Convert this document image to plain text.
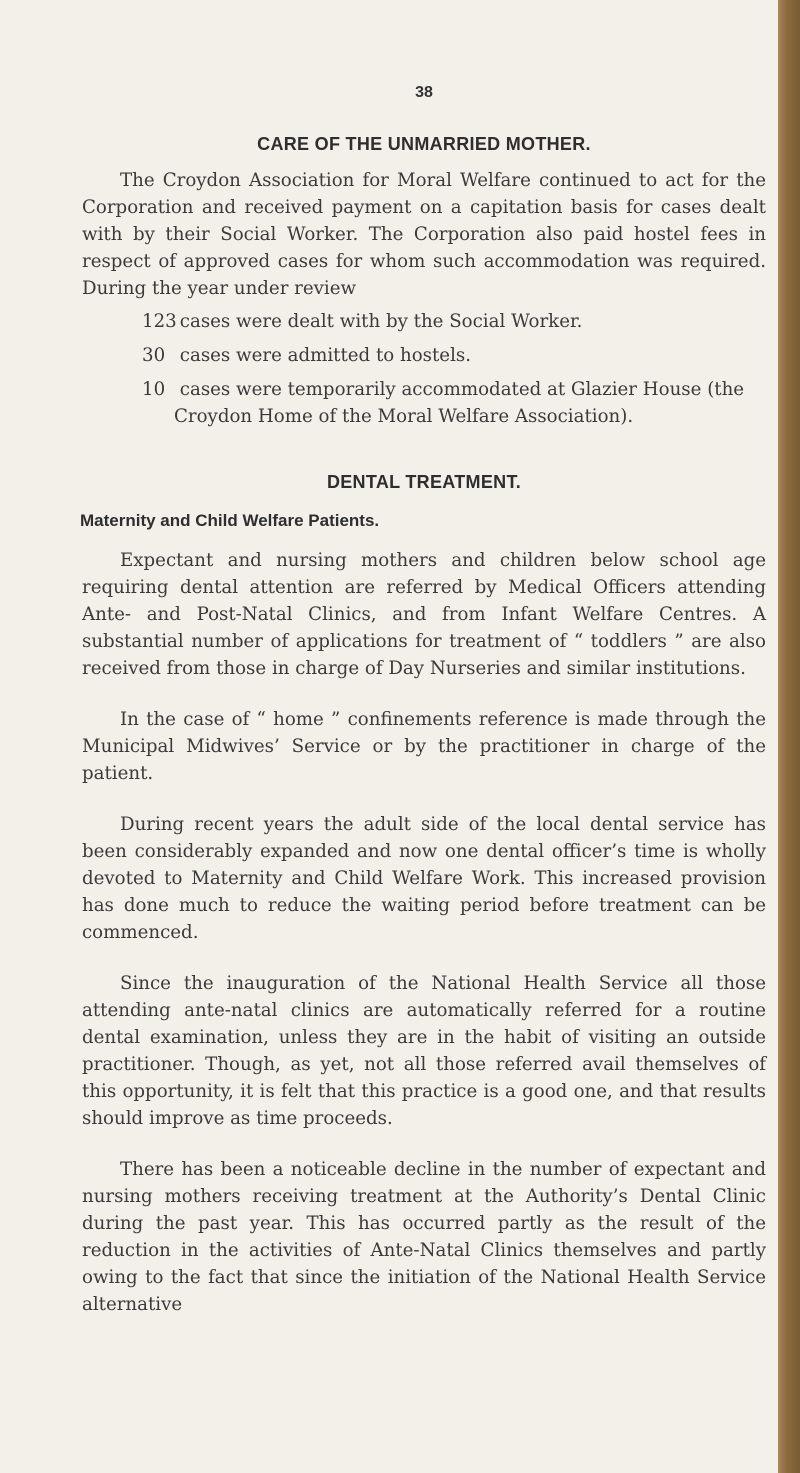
38
CARE OF THE UNMARRIED MOTHER.

The Croydon Association for Moral Welfare continued to act for the Corporation and received payment on a capitation basis for cases dealt with by their Social Worker. The Corporation also paid hostel fees in respect of approved cases for whom such accommodation was required. During the year under review

123 cases were dealt with by the Social Worker.
30 cases were admitted to hostels.
10 cases were temporarily accommodated at Glazier House (the Croydon Home of the Moral Welfare Association).
DENTAL TREATMENT.
Maternity and Child Welfare Patients.

Expectant and nursing mothers and children below school age requiring dental attention are referred by Medical Officers attending Ante- and Post-Natal Clinics, and from Infant Welfare Centres. A substantial number of applications for treatment of “ toddlers ” are also received from those in charge of Day Nurseries and similar institutions.

In the case of “ home ” confinements reference is made through the Municipal Midwives’ Service or by the practitioner in charge of the patient.

During recent years the adult side of the local dental service has been considerably expanded and now one dental officer’s time is wholly devoted to Maternity and Child Welfare Work. This increased provision has done much to reduce the waiting period before treatment can be commenced.

Since the inauguration of the National Health Service all those attending ante-natal clinics are automatically referred for a routine dental examination, unless they are in the habit of visiting an outside practitioner. Though, as yet, not all those referred avail themselves of this opportunity, it is felt that this practice is a good one, and that results should improve as time proceeds.

There has been a noticeable decline in the number of expectant and nursing mothers receiving treatment at the Authority’s Dental Clinic during the past year. This has occurred partly as the result of the reduction in the activities of Ante-Natal Clinics themselves and partly owing to the fact that since the initiation of the National Health Service alternative
